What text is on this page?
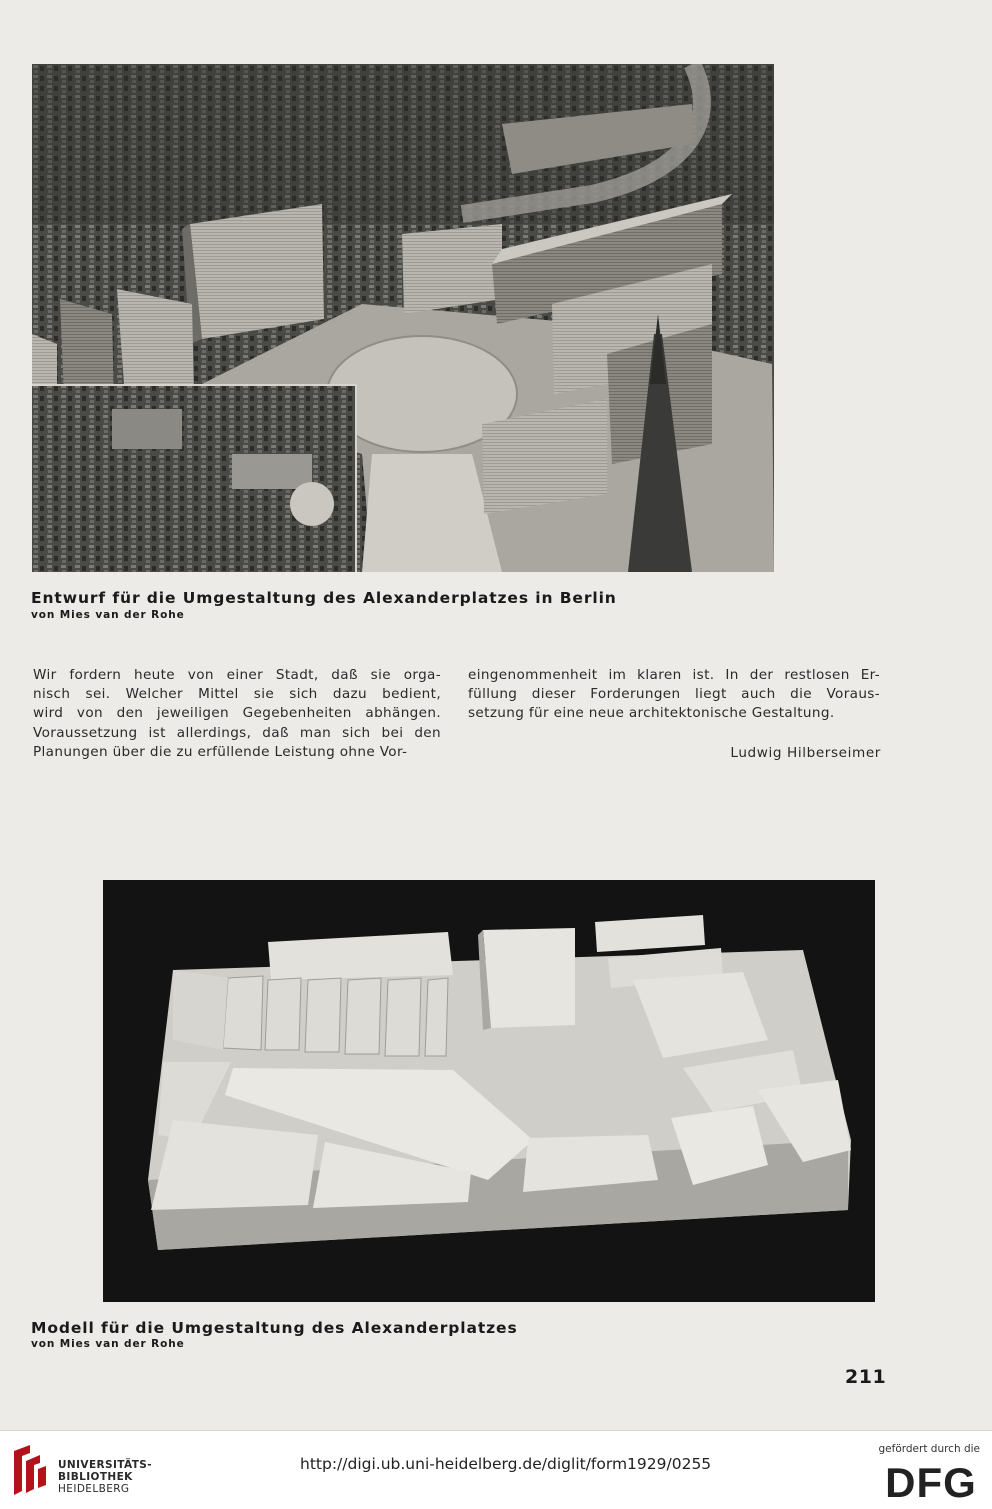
Entwurf für die Umgestaltung des Alexanderplatzes in Berlin
von Mies van der Rohe

Wir fordern heute von einer Stadt, daß sie orga-

nisch sei. Welcher Mittel sie sich dazu bedient,

wird von den jeweiligen Gegebenheiten abhängen.

Voraussetzung ist allerdings, daß man sich bei den

Planungen über die zu erfüllende Leistung ohne Vor-

eingenommenheit im klaren ist. In der restlosen Er-

füllung dieser Forderungen liegt auch die Voraus-

setzung für eine neue architektonische Gestaltung.

Ludwig Hilberseimer
Modell für die Umgestaltung des Alexanderplatzes
von Mies van der Rohe
211
UNIVERSITÄTS-
BIBLIOTHEK
HEIDELBERG
http://digi.ub.uni-heidelberg.de/diglit/form1929/0255
gefördert durch die
DFG
